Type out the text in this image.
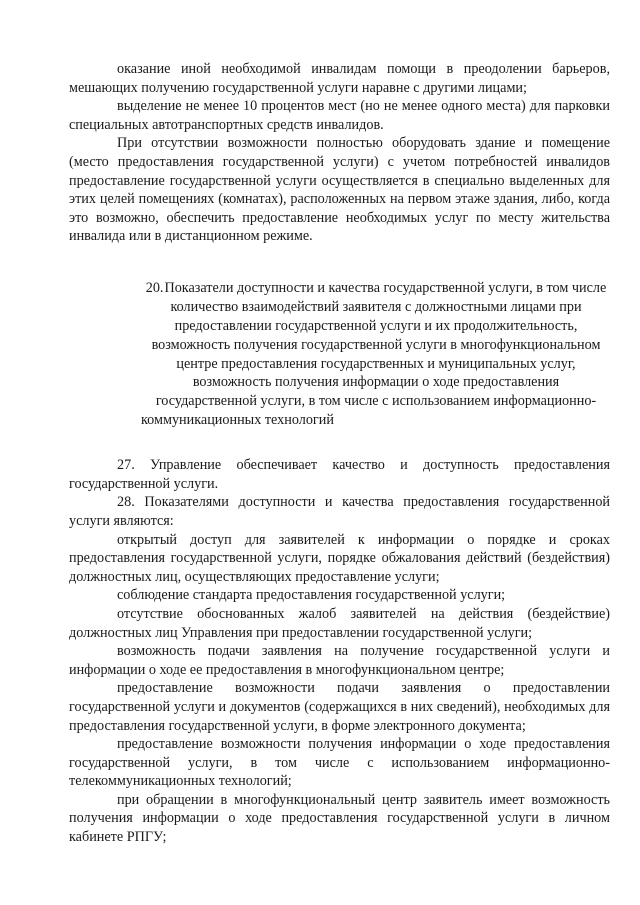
оказание иной необходимой инвалидам помощи в преодолении барьеров, мешающих получению государственной услуги наравне с другими лицами;

выделение не менее 10 процентов мест (но не менее одного места) для парковки специальных автотранспортных средств инвалидов.

При отсутствии возможности полностью оборудовать здание и помещение (место предоставления государственной услуги) с учетом потребностей инвалидов предоставление государственной услуги осуществляется в специально выделенных для этих целей помещениях (комнатах), расположенных на первом этаже здания, либо, когда это возможно, обеспечить предоставление необходимых услуг по месту жительства инвалида или в дистанционном режиме.

20.Показатели доступности и качества государственной услуги, в том числе количество взаимодействий заявителя с должностными лицами при предоставлении государственной услуги и их продолжительность, возможность получения государственной услуги в многофункциональном центре предоставления государственных и муниципальных услуг, возможность получения информации о ходе предоставления государственной услуги, в том числе с использованием информационно-коммуникационных технологий

27. Управление обеспечивает качество и доступность предоставления государственной услуги.

28. Показателями доступности и качества предоставления государственной услуги являются:

открытый доступ для заявителей к информации о порядке и сроках предоставления государственной услуги, порядке обжалования действий (бездействия) должностных лиц, осуществляющих предоставление услуги;

соблюдение стандарта предоставления государственной услуги;

отсутствие обоснованных жалоб заявителей на действия (бездействие) должностных лиц Управления при предоставлении государственной услуги;

возможность подачи заявления на получение государственной услуги и информации о ходе ее предоставления в многофункциональном центре;

предоставление возможности подачи заявления о предоставлении государственной услуги и документов (содержащихся в них сведений), необходимых для предоставления государственной услуги, в форме электронного документа;

предоставление возможности получения информации о ходе предоставления государственной услуги, в том числе с использованием информационно-телекоммуникационных технологий;

при обращении в многофункциональный центр заявитель имеет возможность получения информации о ходе предоставления государственной услуги в личном кабинете РПГУ;
